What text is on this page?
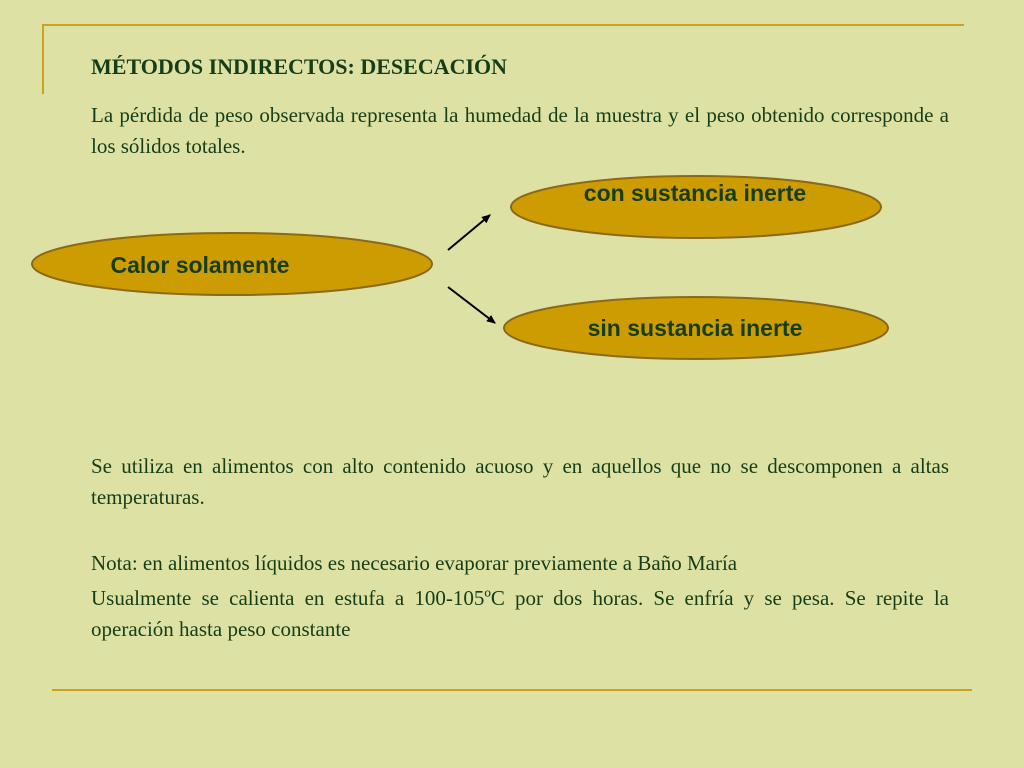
MÉTODOS INDIRECTOS: DESECACIÓN
La pérdida de peso observada representa la humedad de la muestra y el peso obtenido corresponde a los sólidos totales.
Calor solamente
con sustancia inerte
sin sustancia inerte
Se utiliza en alimentos con alto contenido acuoso y en aquellos que no se descomponen a altas temperaturas.
Nota: en alimentos líquidos es necesario evaporar previamente a Baño María
Usualmente se calienta en estufa a 100-105ºC por dos horas. Se enfría y se pesa. Se repite la operación hasta peso constante
